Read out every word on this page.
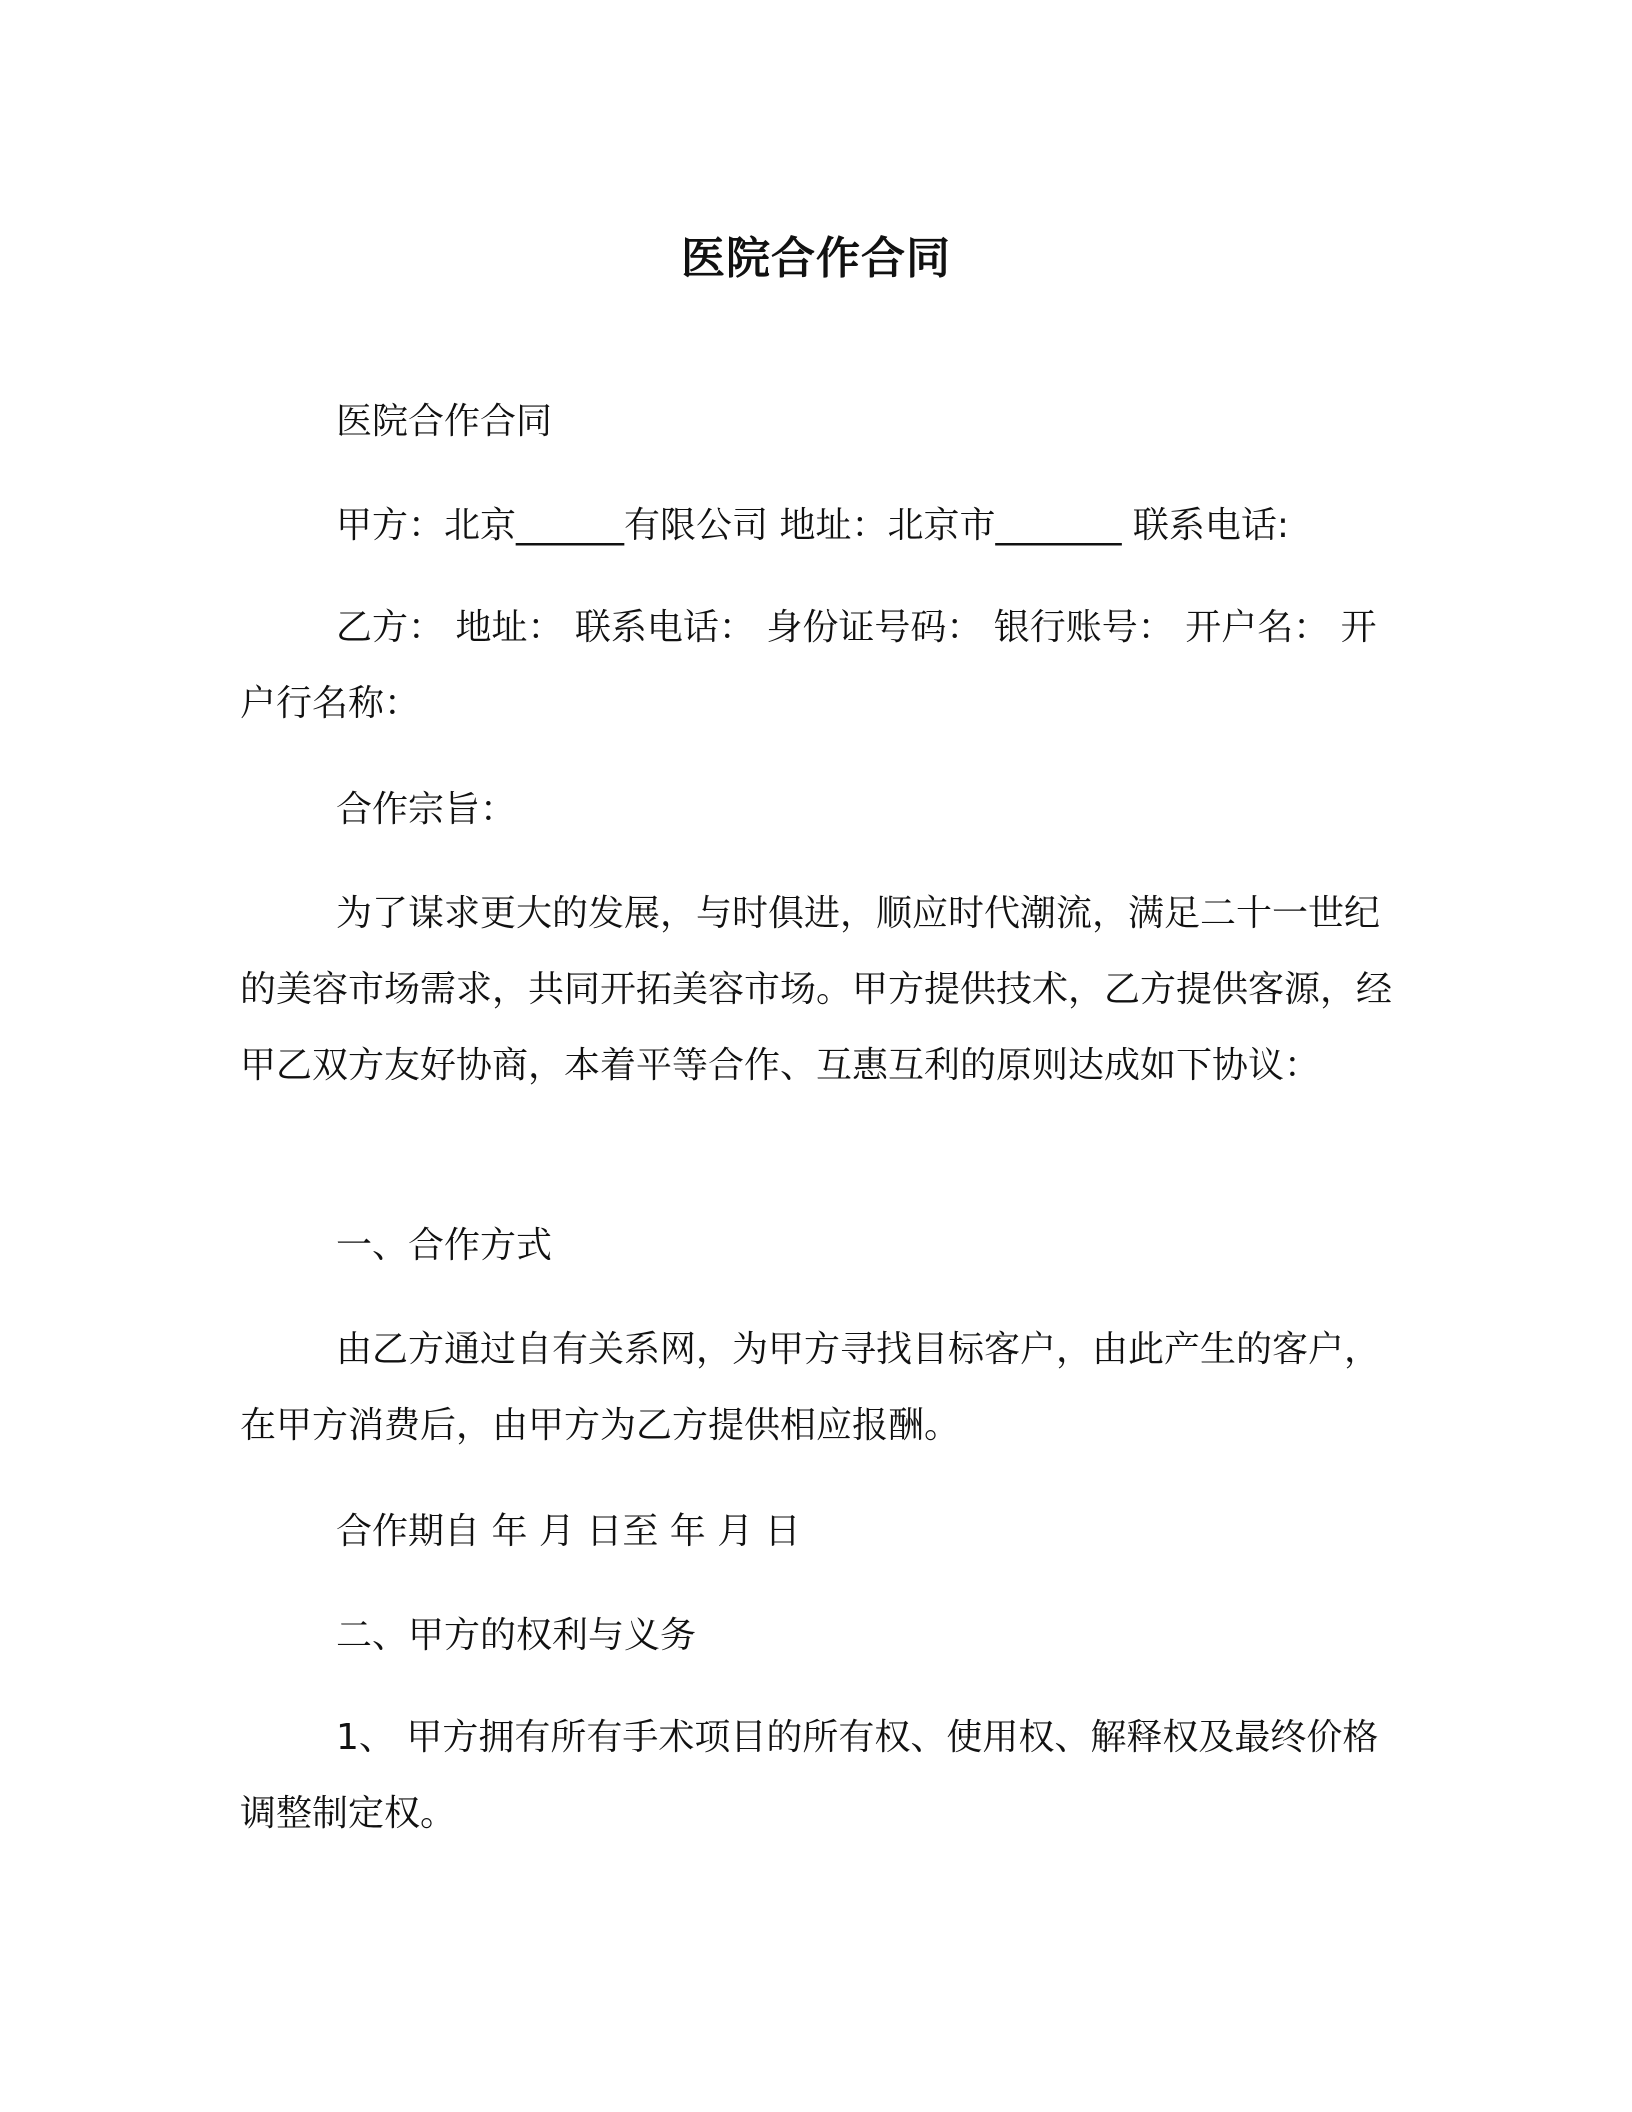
医院合作合同

医院合作合同

甲方：北京______有限公司 地址：北京市_______ 联系电话:

乙方： 地址： 联系电话： 身份证号码： 银行账号： 开户名： 开户行名称：

合作宗旨：

为了谋求更大的发展，与时俱进，顺应时代潮流，满足二十一世纪的美容市场需求，共同开拓美容市场。甲方提供技术，乙方提供客源，经甲乙双方友好协商，本着平等合作、互惠互利的原则达成如下协议：

一、合作方式

由乙方通过自有关系网，为甲方寻找目标客户，由此产生的客户，在甲方消费后，由甲方为乙方提供相应报酬。

合作期自 年 月 日至 年 月 日

二、甲方的权利与义务

1、 甲方拥有所有手术项目的所有权、使用权、解释权及最终价格调整制定权。
